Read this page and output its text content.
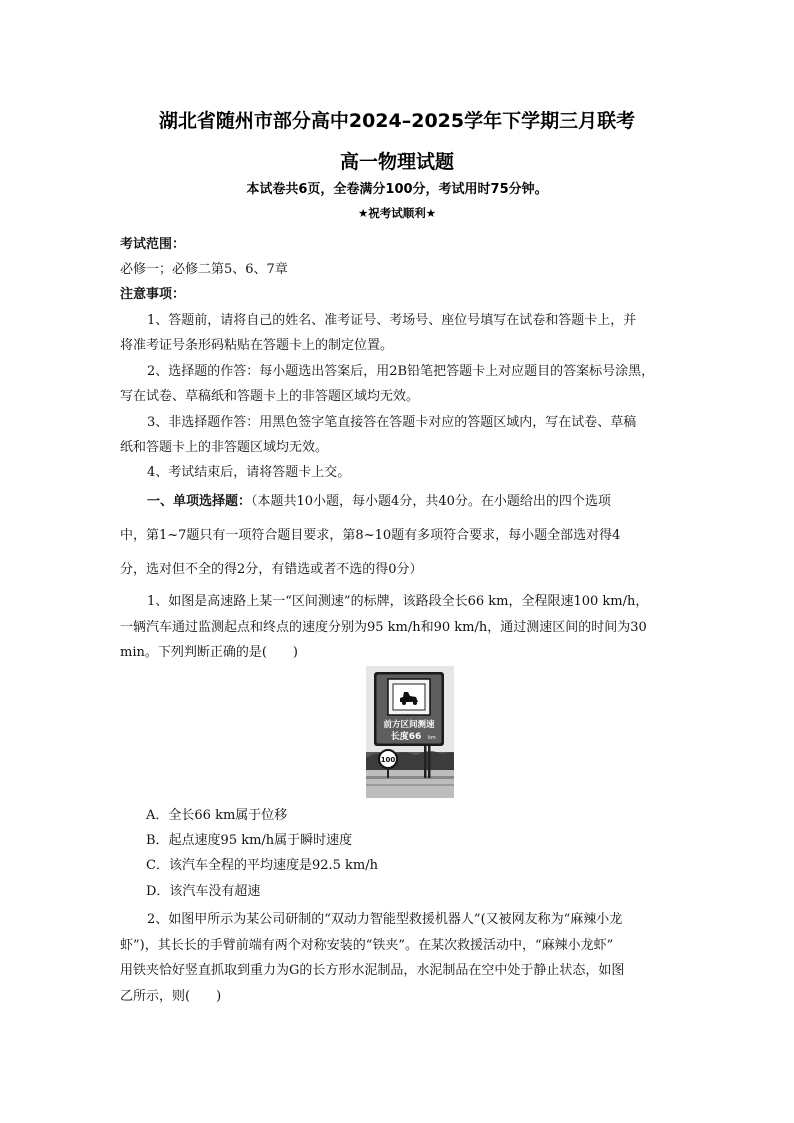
湖北省随州市部分高中2024–2025学年下学期三月联考
高一物理试题
本试卷共6页，全卷满分100分，考试用时75分钟。
★祝考试顺利★
考试范围：
必修一；必修二第5、6、7章
注意事项：
1、答题前，请将自己的姓名、准考证号、考场号、座位号填写在试卷和答题卡上，并
将准考证号条形码粘贴在答题卡上的制定位置。
2、选择题的作答：每小题选出答案后，用2B铅笔把答题卡上对应题目的答案标号涂黑，
写在试卷、草稿纸和答题卡上的非答题区域均无效。
3、非选择题作答：用黑色签字笔直接答在答题卡对应的答题区域内，写在试卷、草稿
纸和答题卡上的非答题区域均无效。
4、考试结束后，请将答题卡上交。
一、单项选择题：（本题共10小题，每小题4分，共40分。在小题给出的四个选项
中，第1~7题只有一项符合题目要求，第8~10题有多项符合要求，每小题全部选对得4
分，选对但不全的得2分，有错选或者不选的得0分）
1、如图是高速路上某一“区间测速”的标牌，该路段全长66 km，全程限速100 km/h，
一辆汽车通过监测起点和终点的速度分别为95 km/h和90 km/h，通过测速区间的时间为30
min。下列判断正确的是(　　)
前方区间测速
长度66 km
100
A．全长66 km属于位移
B．起点速度95 km/h属于瞬时速度
C．该汽车全程的平均速度是92.5 km/h
D．该汽车没有超速
2、如图甲所示为某公司研制的“双动力智能型救援机器人”(又被网友称为“麻辣小龙
虾”)，其长长的手臂前端有两个对称安装的“铁夹”。在某次救援活动中，“麻辣小龙虾”
用铁夹恰好竖直抓取到重力为G的长方形水泥制品，水泥制品在空中处于静止状态，如图
乙所示，则(　　)
